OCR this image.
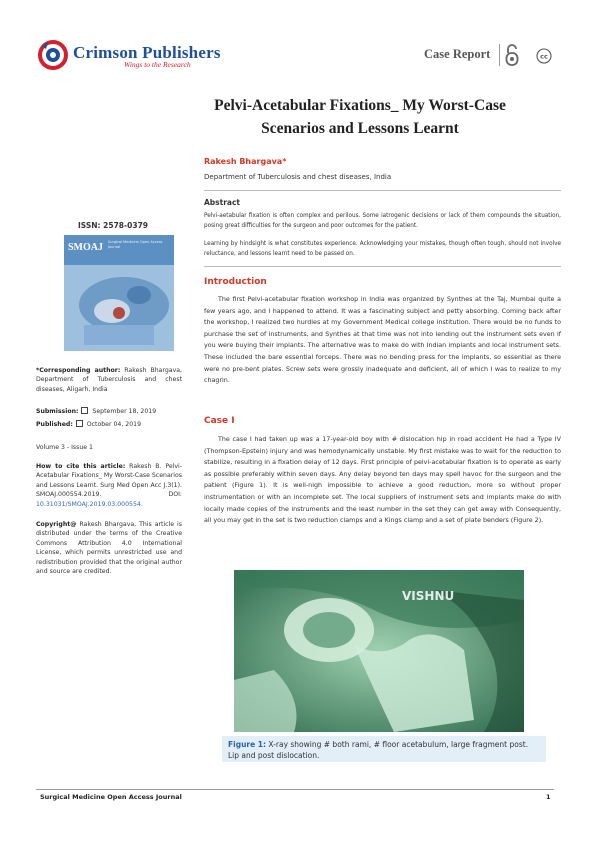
Crimson Publishers
Wings to the Research
Case Report	cc
Pelvi-Acetabular Fixations_ My Worst-Case
Scenarios and Lessons Learnt
ISSN: 2578-0379
SMOAJ Surgical Medicine Open Access Journal
*Corresponding author: Rakesh Bhargava, Department of Tuberculosis and chest diseases, Aligarh, India
Submission: September 18, 2019
Published: October 04, 2019
Volume 3 - Issue 1
How to cite this article: Rakesh B. Pelvi-Acetabular Fixations_ My Worst-Case Scenarios and Lessons Learnt. Surg Med Open Acc J.3(1). SMOAJ.000554.2019.	DOI: 10.31031/SMOAJ.2019.03.000554.
Copyright@ Rakesh Bhargava, This article is distributed under the terms of the Creative Commons Attribution 4.0 International License, which permits unrestricted use and redistribution provided that the original author and source are credited.
Rakesh Bhargava*
Department of Tuberculosis and chest diseases, India
Abstract
Pelvi-aetabular fixation is often complex and perilous. Some iatrogenic decisions or lack of them compounds the situation, posing great difficulties for the surgeon and poor outcomes for the patient.
Learning by hindsight is what constitutes experience. Acknowledging your mistakes, though often tough, should not involve reluctance, and lessons learnt need to be passed on.
Introduction
The first Pelvi-acetabular fixation workshop in India was organized by Synthes at the Taj, Mumbai quite a few years ago, and I happened to attend. It was a fascinating subject and petty absorbing. Coming back after the workshop, I realized two hurdles at my Government Medical college institution. There would be no funds to purchase the set of instruments, and Synthes at that time was not into lending out the instrument sets even if you were buying their implants. The alternative was to make do with Indian implants and local instrument sets. These included the bare essential forceps. There was no bending press for the implants, so essential as there were no pre-bent plates. Screw sets were grossly inadequate and deficient, all of which I was to realize to my chagrin.
Case I
The case I had taken up was a 17-year-old boy with # dislocation hip in road accident He had a Type IV (Thompson-Epstein) injury and was hemodynamically unstable. My first mistake was to wait for the reduction to stabilize, resulting in a fixation delay of 12 days. First principle of pelvi-acetabular fixation is to operate as early as possible preferably within seven days. Any delay beyond ten days may spell havoc for the surgeon and the patient (Figure 1). It is well-nigh impossible to achieve a good reduction, more so without proper instrumentation or with an incomplete set. The local suppliers of instrument sets and implants make do with locally made copies of the instruments and the least number in the set they can get away with Consequently, all you may get in the set is two reduction clamps and a Kings clamp and a set of plate benders (Figure 2).
VISHNU
Figure 1: X-ray showing # both rami, # floor acetabulum, large fragment post. Lip and post dislocation.
Surgical Medicine Open Access Journal	1
